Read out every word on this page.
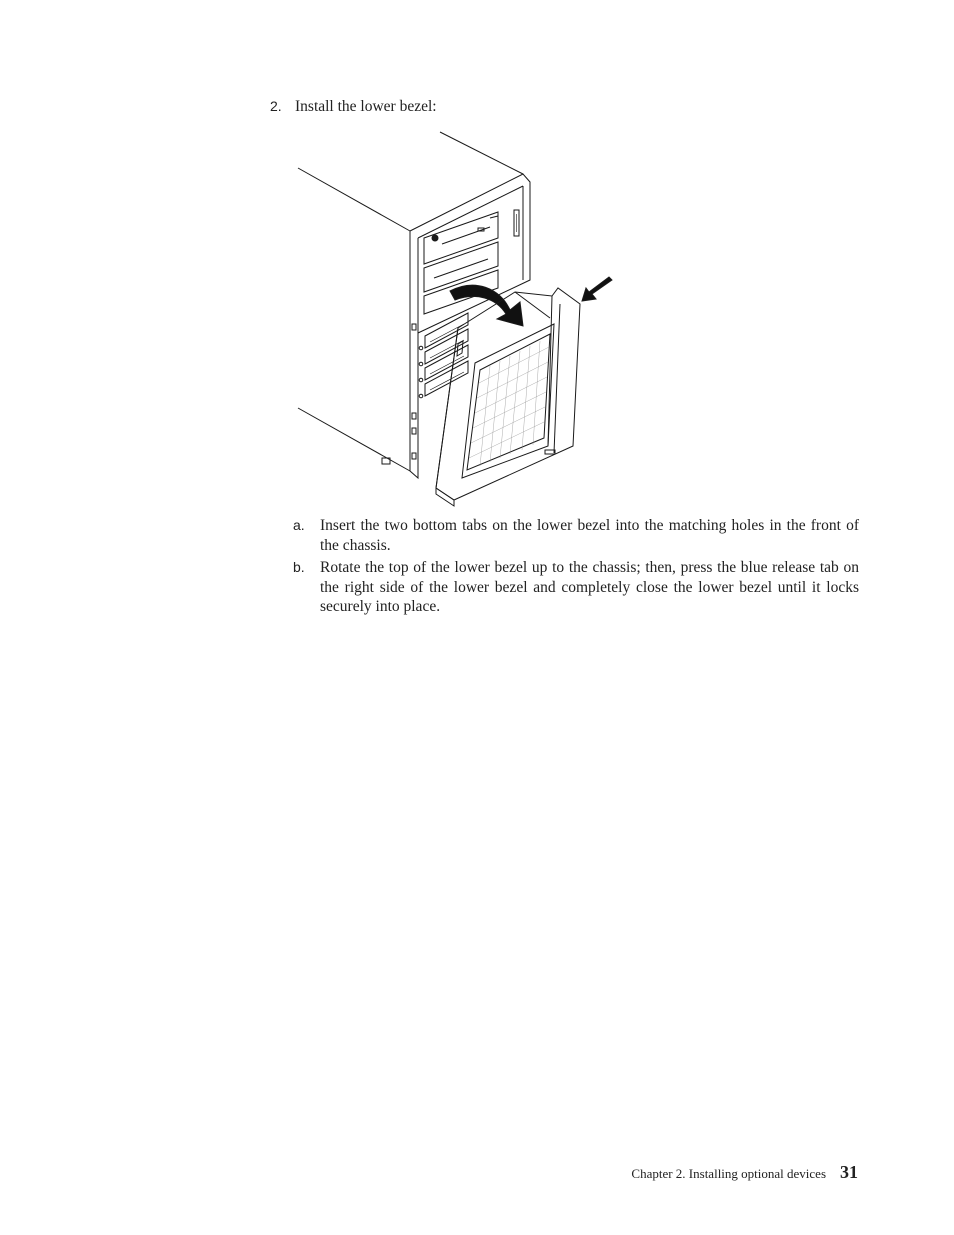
2. Install the lower bezel:
a. Insert the two bottom tabs on the lower bezel into the matching holes in the front of the chassis.
b. Rotate the top of the lower bezel up to the chassis; then, press the blue release tab on the right side of the lower bezel and completely close the lower bezel until it locks securely into place.
Chapter 2. Installing optional devices 31
